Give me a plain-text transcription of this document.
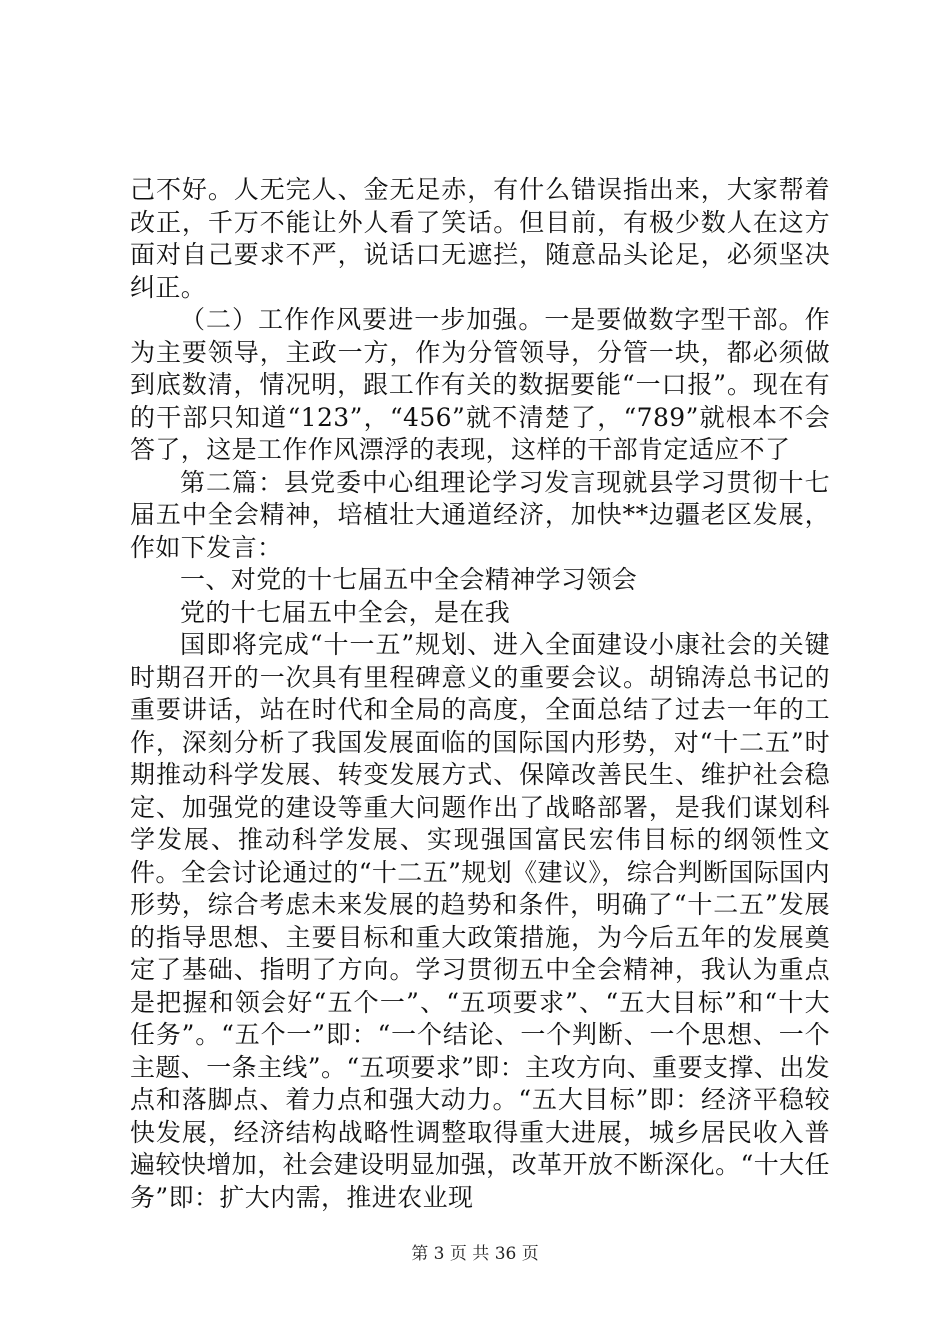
己不好。人无完人、金无足赤，有什么错误指出来，大家帮着改正，千万不能让外人看了笑话。但目前，有极少数人在这方面对自己要求不严，说话口无遮拦，随意品头论足，必须坚决纠正。

（二）工作作风要进一步加强。一是要做数字型干部。作为主要领导，主政一方，作为分管领导，分管一块，都必须做到底数清，情况明，跟工作有关的数据要能“一口报”。现在有的干部只知道“123”，“456”就不清楚了，“789”就根本不会答了，这是工作作风漂浮的表现，这样的干部肯定适应不了

第二篇：县党委中心组理论学习发言现就县学习贯彻十七届五中全会精神，培植壮大通道经济，加快**边疆老区发展，作如下发言：

一、对党的十七届五中全会精神学习领会

党的十七届五中全会，是在我

国即将完成“十一五”规划、进入全面建设小康社会的关键时期召开的一次具有里程碑意义的重要会议。胡锦涛总书记的重要讲话，站在时代和全局的高度，全面总结了过去一年的工作，深刻分析了我国发展面临的国际国内形势，对“十二五”时期推动科学发展、转变发展方式、保障改善民生、维护社会稳定、加强党的建设等重大问题作出了战略部署，是我们谋划科学发展、推动科学发展、实现强国富民宏伟目标的纲领性文件。全会讨论通过的“十二五”规划《建议》，综合判断国际国内形势，综合考虑未来发展的趋势和条件，明确了“十二五”发展的指导思想、主要目标和重大政策措施，为今后五年的发展奠定了基础、指明了方向。学习贯彻五中全会精神，我认为重点是把握和领会好“五个一”、“五项要求”、“五大目标”和“十大任务”。“五个一”即：“一个结论、一个判断、一个思想、一个主题、一条主线”。“五项要求”即：主攻方向、重要支撑、出发点和落脚点、着力点和强大动力。“五大目标”即：经济平稳较快发展，经济结构战略性调整取得重大进展，城乡居民收入普遍较快增加，社会建设明显加强，改革开放不断深化。“十大任务”即：扩大内需，推进农业现

第 3 页 共 36 页
